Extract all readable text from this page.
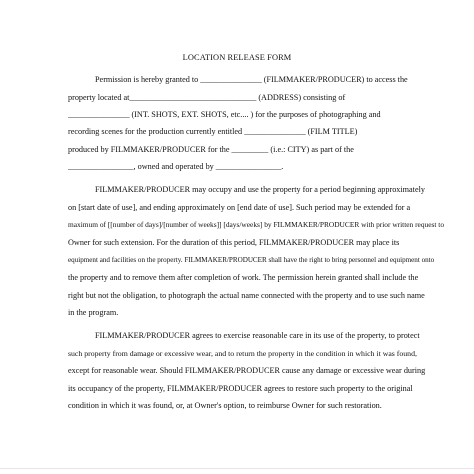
LOCATION RELEASE FORM
Permission is hereby granted to _______________ (FILMMAKER/PRODUCER) to access the
property located at_______________________________ (ADDRESS) consisting of
_______________ (INT. SHOTS, EXT. SHOTS, etc.... ) for the purposes of photographing and
recording scenes for the production currently entitled _______________ (FILM TITLE)
produced by FILMMAKER/PRODUCER for the _________ (i.e.: CITY) as part of the
________________, owned and operated by ________________.
FILMMAKER/PRODUCER may occupy and use the property for a period beginning approximately
on [start date of use], and ending approximately on [end date of use]. Such period may be extended for a
maximum of [[number of days]/[number of weeks]] [days/weeks] by FILMMAKER/PRODUCER with prior written request to
Owner for such extension. For the duration of this period, FILMMAKER/PRODUCER may place its
equipment and facilities on the property. FILMMAKER/PRODUCER shall have the right to bring personnel and equipment onto
the property and to remove them after completion of work. The permission herein granted shall include the
right but not the obligation, to photograph the actual name connected with the property and to use such name
in the program.
FILMMAKER/PRODUCER agrees to exercise reasonable care in its use of the property, to protect
such property from damage or excessive wear, and to return the property in the condition in which it was found,
except for reasonable wear. Should FILMMAKER/PRODUCER cause any damage or excessive wear during
its occupancy of the property, FILMMAKER/PRODUCER agrees to restore such property to the original
condition in which it was found, or, at Owner's option, to reimburse Owner for such restoration.
